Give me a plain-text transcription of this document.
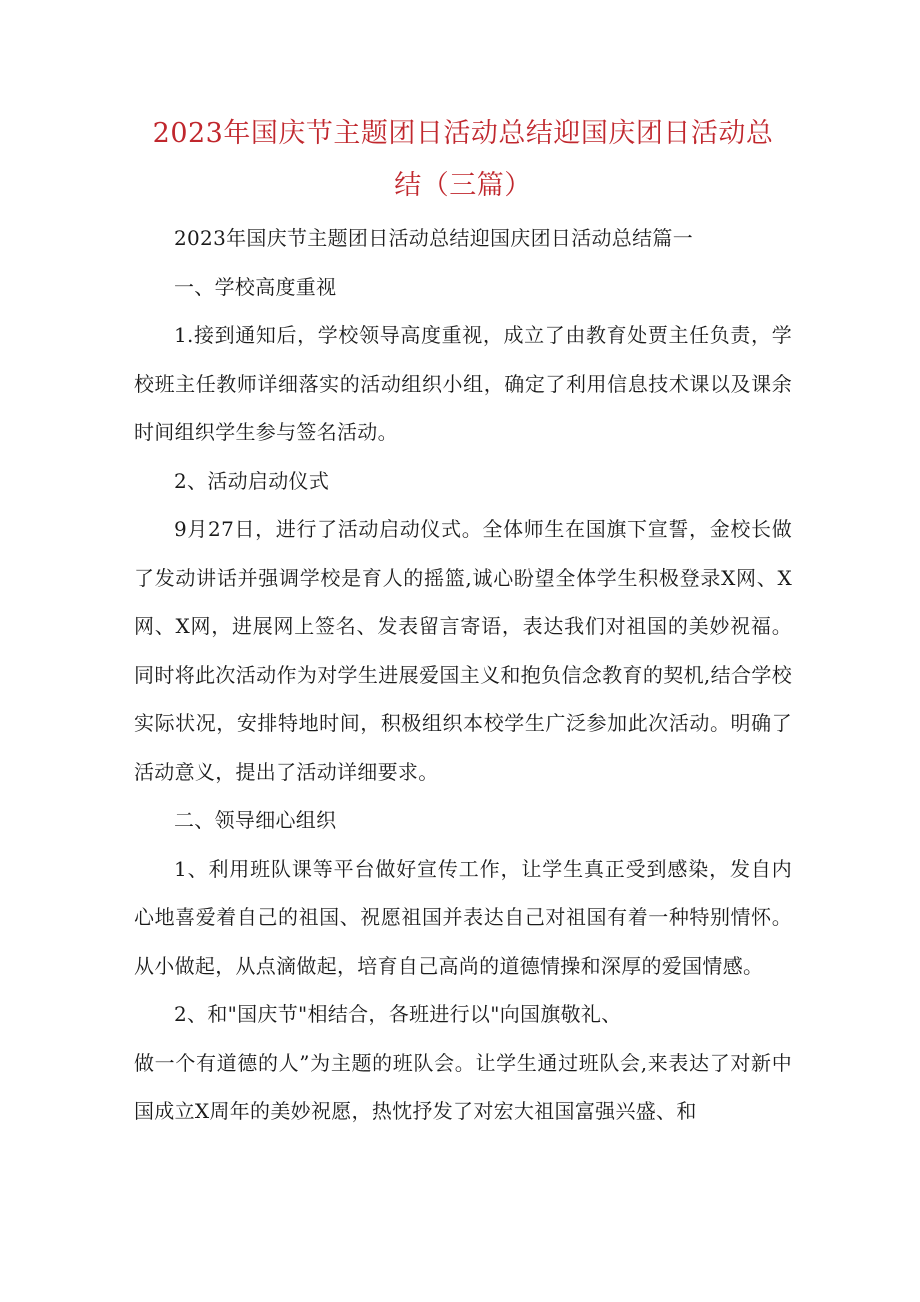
2023年国庆节主题团日活动总结迎国庆团日活动总
结（三篇）

2023年国庆节主题团日活动总结迎国庆团日活动总结篇一

一、学校高度重视

1.接到通知后，学校领导高度重视，成立了由教育处贾主任负责，学校班主任教师详细落实的活动组织小组，确定了利用信息技术课以及课余时间组织学生参与签名活动。

2、活动启动仪式

9月27日，进行了活动启动仪式。全体师生在国旗下宣誓，金校长做了发动讲话并强调学校是育人的摇篮,诚心盼望全体学生积极登录X网、X网、X网，进展网上签名、发表留言寄语，表达我们对祖国的美妙祝福。同时将此次活动作为对学生进展爱国主义和抱负信念教育的契机,结合学校实际状况，安排特地时间，积极组织本校学生广泛参加此次活动。明确了活动意义，提出了活动详细要求。

二、领导细心组织

1、利用班队课等平台做好宣传工作，让学生真正受到感染，发自内心地喜爱着自己的祖国、祝愿祖国并表达自己对祖国有着一种特别情怀。从小做起，从点滴做起，培育自己高尚的道德情操和深厚的爱国情感。

2、和"国庆节"相结合，各班进行以"向国旗敬礼、

做一个有道德的人”为主题的班队会。让学生通过班队会,来表达了对新中国成立X周年的美妙祝愿，热忱抒发了对宏大祖国富强兴盛、和
